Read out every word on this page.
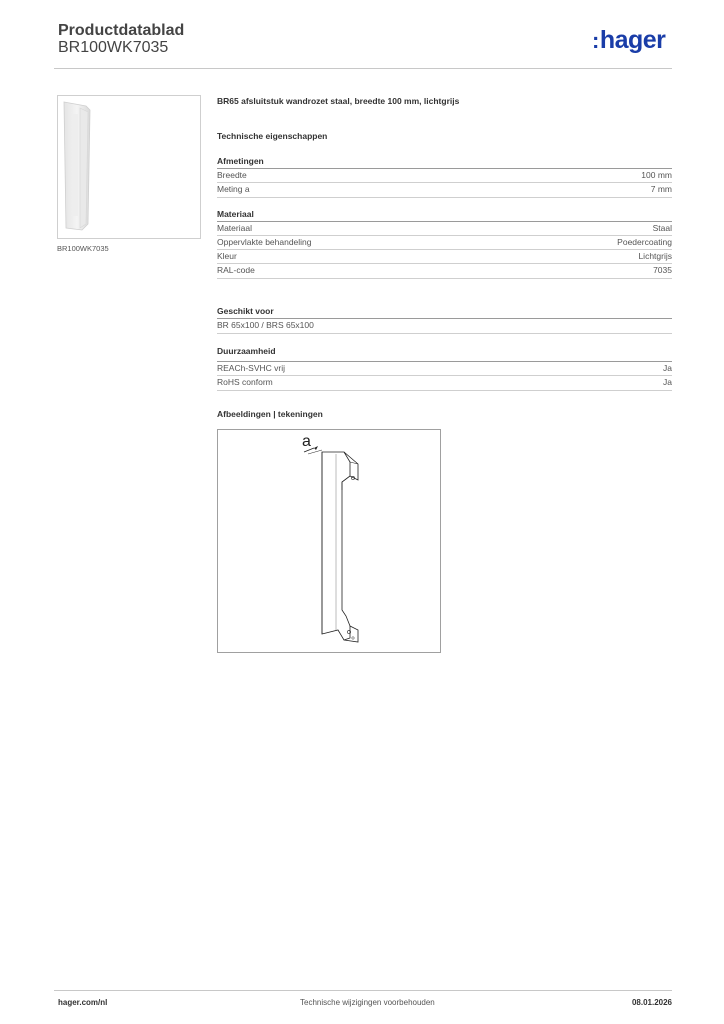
Productdatablad
BR100WK7035	:hager
BR100WK7035
BR65 afsluitstuk wandrozet staal, breedte 100 mm, lichtgrijs
Technische eigenschappen
Afmetingen
Breedte	100 mm
Meting a	7 mm
Materiaal
Materiaal	Staal
Oppervlakte behandeling	Poedercoating
Kleur	Lichtgrijs
RAL-code	7035
Geschikt voor
BR 65x100 / BRS 65x100
Duurzaamheid
REACh-SVHC vrij	Ja
RoHS conform	Ja
Afbeeldingen | tekeningen
a
hager.com/nl	Technische wijzigingen voorbehouden	08.01.2026
